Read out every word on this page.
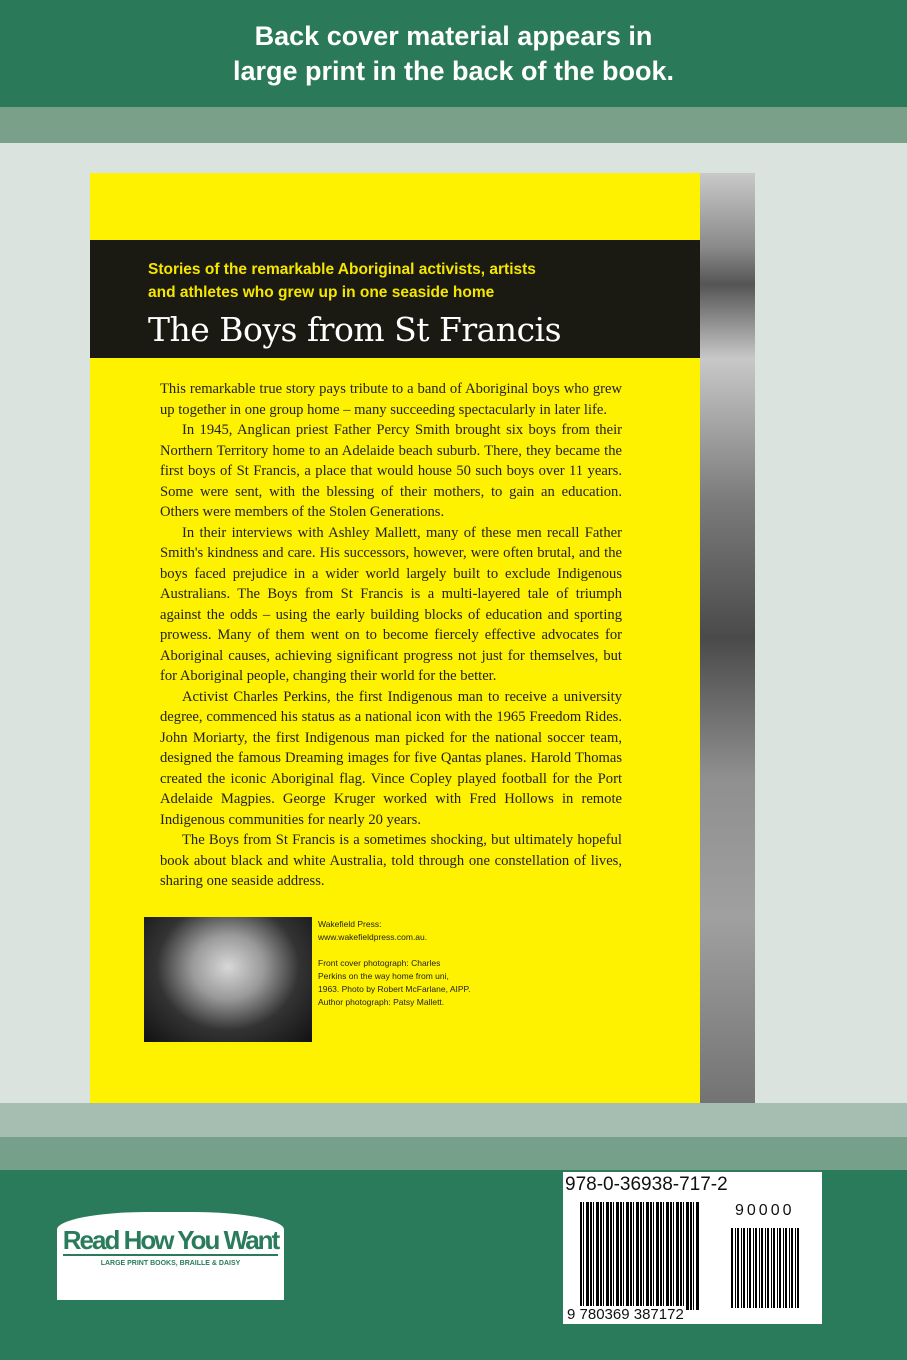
Back cover material appears in
large print in the back of the book.
Stories of the remarkable Aboriginal activists, artists
and athletes who grew up in one seaside home
The Boys from St Francis

This remarkable true story pays tribute to a band of Aboriginal boys who grew up together in one group home – many succeeding spectacularly in later life.

In 1945, Anglican priest Father Percy Smith brought six boys from their Northern Territory home to an Adelaide beach suburb. There, they became the first boys of St Francis, a place that would house 50 such boys over 11 years. Some were sent, with the blessing of their mothers, to gain an education. Others were members of the Stolen Generations.

In their interviews with Ashley Mallett, many of these men recall Father Smith's kindness and care. His successors, however, were often brutal, and the boys faced prejudice in a wider world largely built to exclude Indigenous Australians. The Boys from St Francis is a multi-layered tale of triumph against the odds – using the early building blocks of education and sporting prowess. Many of them went on to become fiercely effective advocates for Aboriginal causes, achieving significant progress not just for themselves, but for Aboriginal people, changing their world for the better.

Activist Charles Perkins, the first Indigenous man to receive a university degree, commenced his status as a national icon with the 1965 Freedom Rides. John Moriarty, the first Indigenous man picked for the national soccer team, designed the famous Dreaming images for five Qantas planes. Harold Thomas created the iconic Aboriginal flag. Vince Copley played football for the Port Adelaide Magpies. George Kruger worked with Fred Hollows in remote Indigenous communities for nearly 20 years.

The Boys from St Francis is a sometimes shocking, but ultimately hopeful book about black and white Australia, told through one constellation of lives, sharing one seaside address.

Wakefield Press:
www.wakefieldpress.com.au.
Front cover photograph: Charles
Perkins on the way home from uni,
1963. Photo by Robert McFarlane, AIPP.
Author photograph: Patsy Mallett.
Read How You Want
LARGE PRINT BOOKS, BRAILLE & DAISY
978-0-36938-717-2
90000
9 780369 387172
